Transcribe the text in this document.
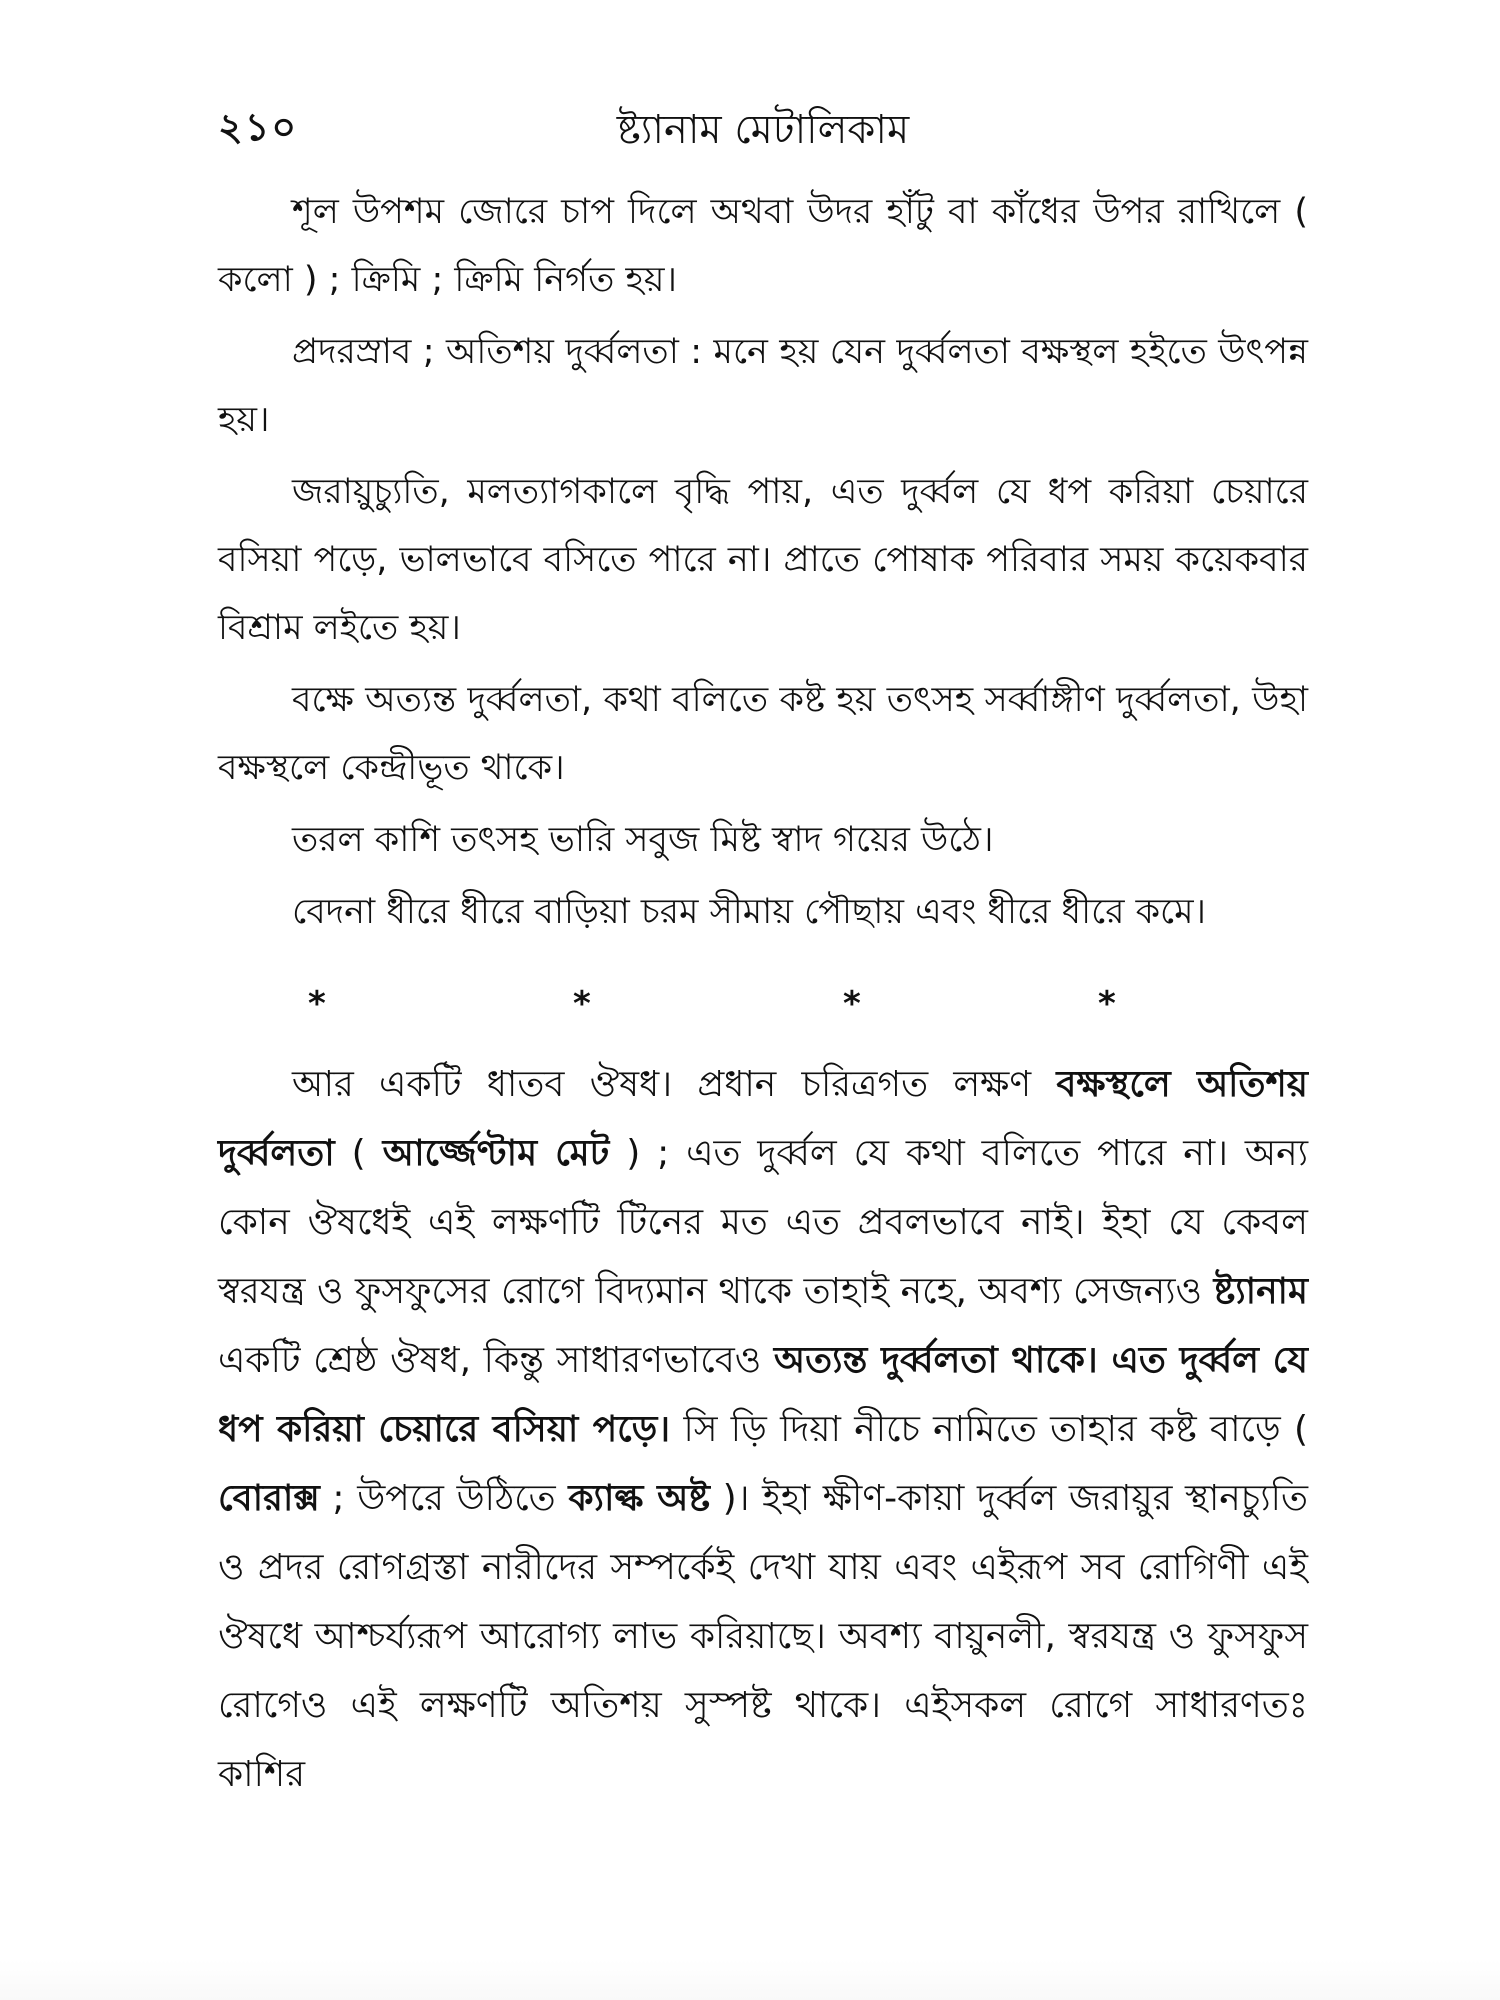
২১০	ষ্ট্যানাম মেটালিকাম

শূল উপশম জোরে চাপ দিলে অথবা উদর হাঁটু বা কাঁধের উপর রাখিলে ( কলো ) ; ক্রিমি ; ক্রিমি নির্গত হয়।

প্রদরস্রাব ; অতিশয় দুর্ব্বলতা : মনে হয় যেন দুর্ব্বলতা বক্ষস্থল হইতে উৎপন্ন হয়।

জরায়ুচ্যুতি, মলত্যাগকালে বৃদ্ধি পায়, এত দুর্ব্বল যে ধপ করিয়া চেয়ারে বসিয়া পড়ে, ভালভাবে বসিতে পারে না। প্রাতে পোষাক পরিবার সময় কয়েকবার বিশ্রাম লইতে হয়।

বক্ষে অত্যন্ত দুর্ব্বলতা, কথা বলিতে কষ্ট হয় তৎসহ সর্ব্বাঙ্গীণ দুর্ব্বলতা, উহা বক্ষস্থলে কেন্দ্রীভূত থাকে।

তরল কাশি তৎসহ ভারি সবুজ মিষ্ট স্বাদ গয়ের উঠে।

বেদনা ধীরে ধীরে বাড়িয়া চরম সীমায় পৌছায় এবং ধীরে ধীরে কমে।

*	*	*	*

আর একটি ধাতব ঔষধ। প্রধান চরিত্রগত লক্ষণ বক্ষস্থলে অতিশয় দুর্ব্বলতা ( আর্জ্জেণ্টাম মেট ) ; এত দুর্ব্বল যে কথা বলিতে পারে না। অন্য কোন ঔষধেই এই লক্ষণটি টিনের মত এত প্রবলভাবে নাই। ইহা যে কেবল স্বরযন্ত্র ও ফুসফুসের রোগে বিদ্যমান থাকে তাহাই নহে, অবশ্য সেজন্যও ষ্ট্যানাম একটি শ্রেষ্ঠ ঔষধ, কিন্তু সাধারণভাবেও অত্যন্ত দুর্ব্বলতা থাকে। এত দুর্ব্বল যে ধপ করিয়া চেয়ারে বসিয়া পড়ে। সি ড়ি দিয়া নীচে নামিতে তাহার কষ্ট বাড়ে ( বোরাক্স ; উপরে উঠিতে ক্যাল্ক অষ্ট )। ইহা ক্ষীণ-কায়া দুর্ব্বল জরায়ুর স্থানচ্যুতি ও প্রদর রোগগ্রস্তা নারীদের সম্পর্কেই দেখা যায় এবং এইরূপ সব রোগিণী এই ঔষধে আশ্চর্য্যরূপ আরোগ্য লাভ করিয়াছে। অবশ্য বায়ুনলী, স্বরযন্ত্র ও ফুসফুস রোগেও এই লক্ষণটি অতিশয় সুস্পষ্ট থাকে। এইসকল রোগে সাধারণতঃ কাশির
